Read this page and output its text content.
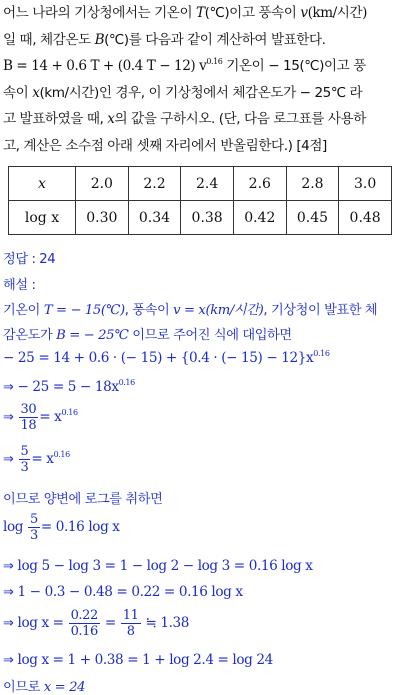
어느 나라의 기상청에서는 기온이 T(℃)이고 풍속이 v(km/시간)
일 때, 체감온도 B(℃)를 다음과 같이 계산하여 발표한다.
B = 14 + 0.6 T + (0.4 T − 12) $v^{0.16}$ 기온이 − 15(℃)이고 풍
속이 x(km/시간)인 경우, 이 기상청에서 체감온도가 − 25℃ 라
고 발표하였을 때, x의 값을 구하시오. (단, 다음 로그표를 사용하
고, 계산은 소수점 아래 셋째 자리에서 반올림한다.) [4점]
x	2.0	2.2	2.4	2.6	2.8	3.0
log x	0.30	0.34	0.38	0.42	0.45	0.48
정답 : 24
해설 :
기온이 T = − 15(℃), 풍속이 v = x(km/시간), 기상청이 발표한 체
감온도가 B = − 25℃ 이므로 주어진 식에 대입하면
− 25 = 14 + 0.6 · (− 15) + {0.4 · (− $15) - 12\}x^{0.16}$
⇒ − $25 = 5 - 18x^{0.16}$
⇒ $\frac{30}{18} = x^{0.16}$
⇒ $\frac{5}{3} = x^{0.16}$
이므로 양변에 로그를 취하면
$\log \frac{5}{3} = 0.16$ log x
⇒ log 5 − log 3 = 1 − log 2 − log 3 = 0.16 log x
⇒ 1 − 0.3 − 0.48 = 0.22 = 0.16 log x
⇒ $\log x = \frac{0.22}{0.16} = \frac{11}{8}$ ≒ 1.38
⇒ log x = 1 + 0.38 = 1 + log 2.4 = log 24
이므로 x = 24
